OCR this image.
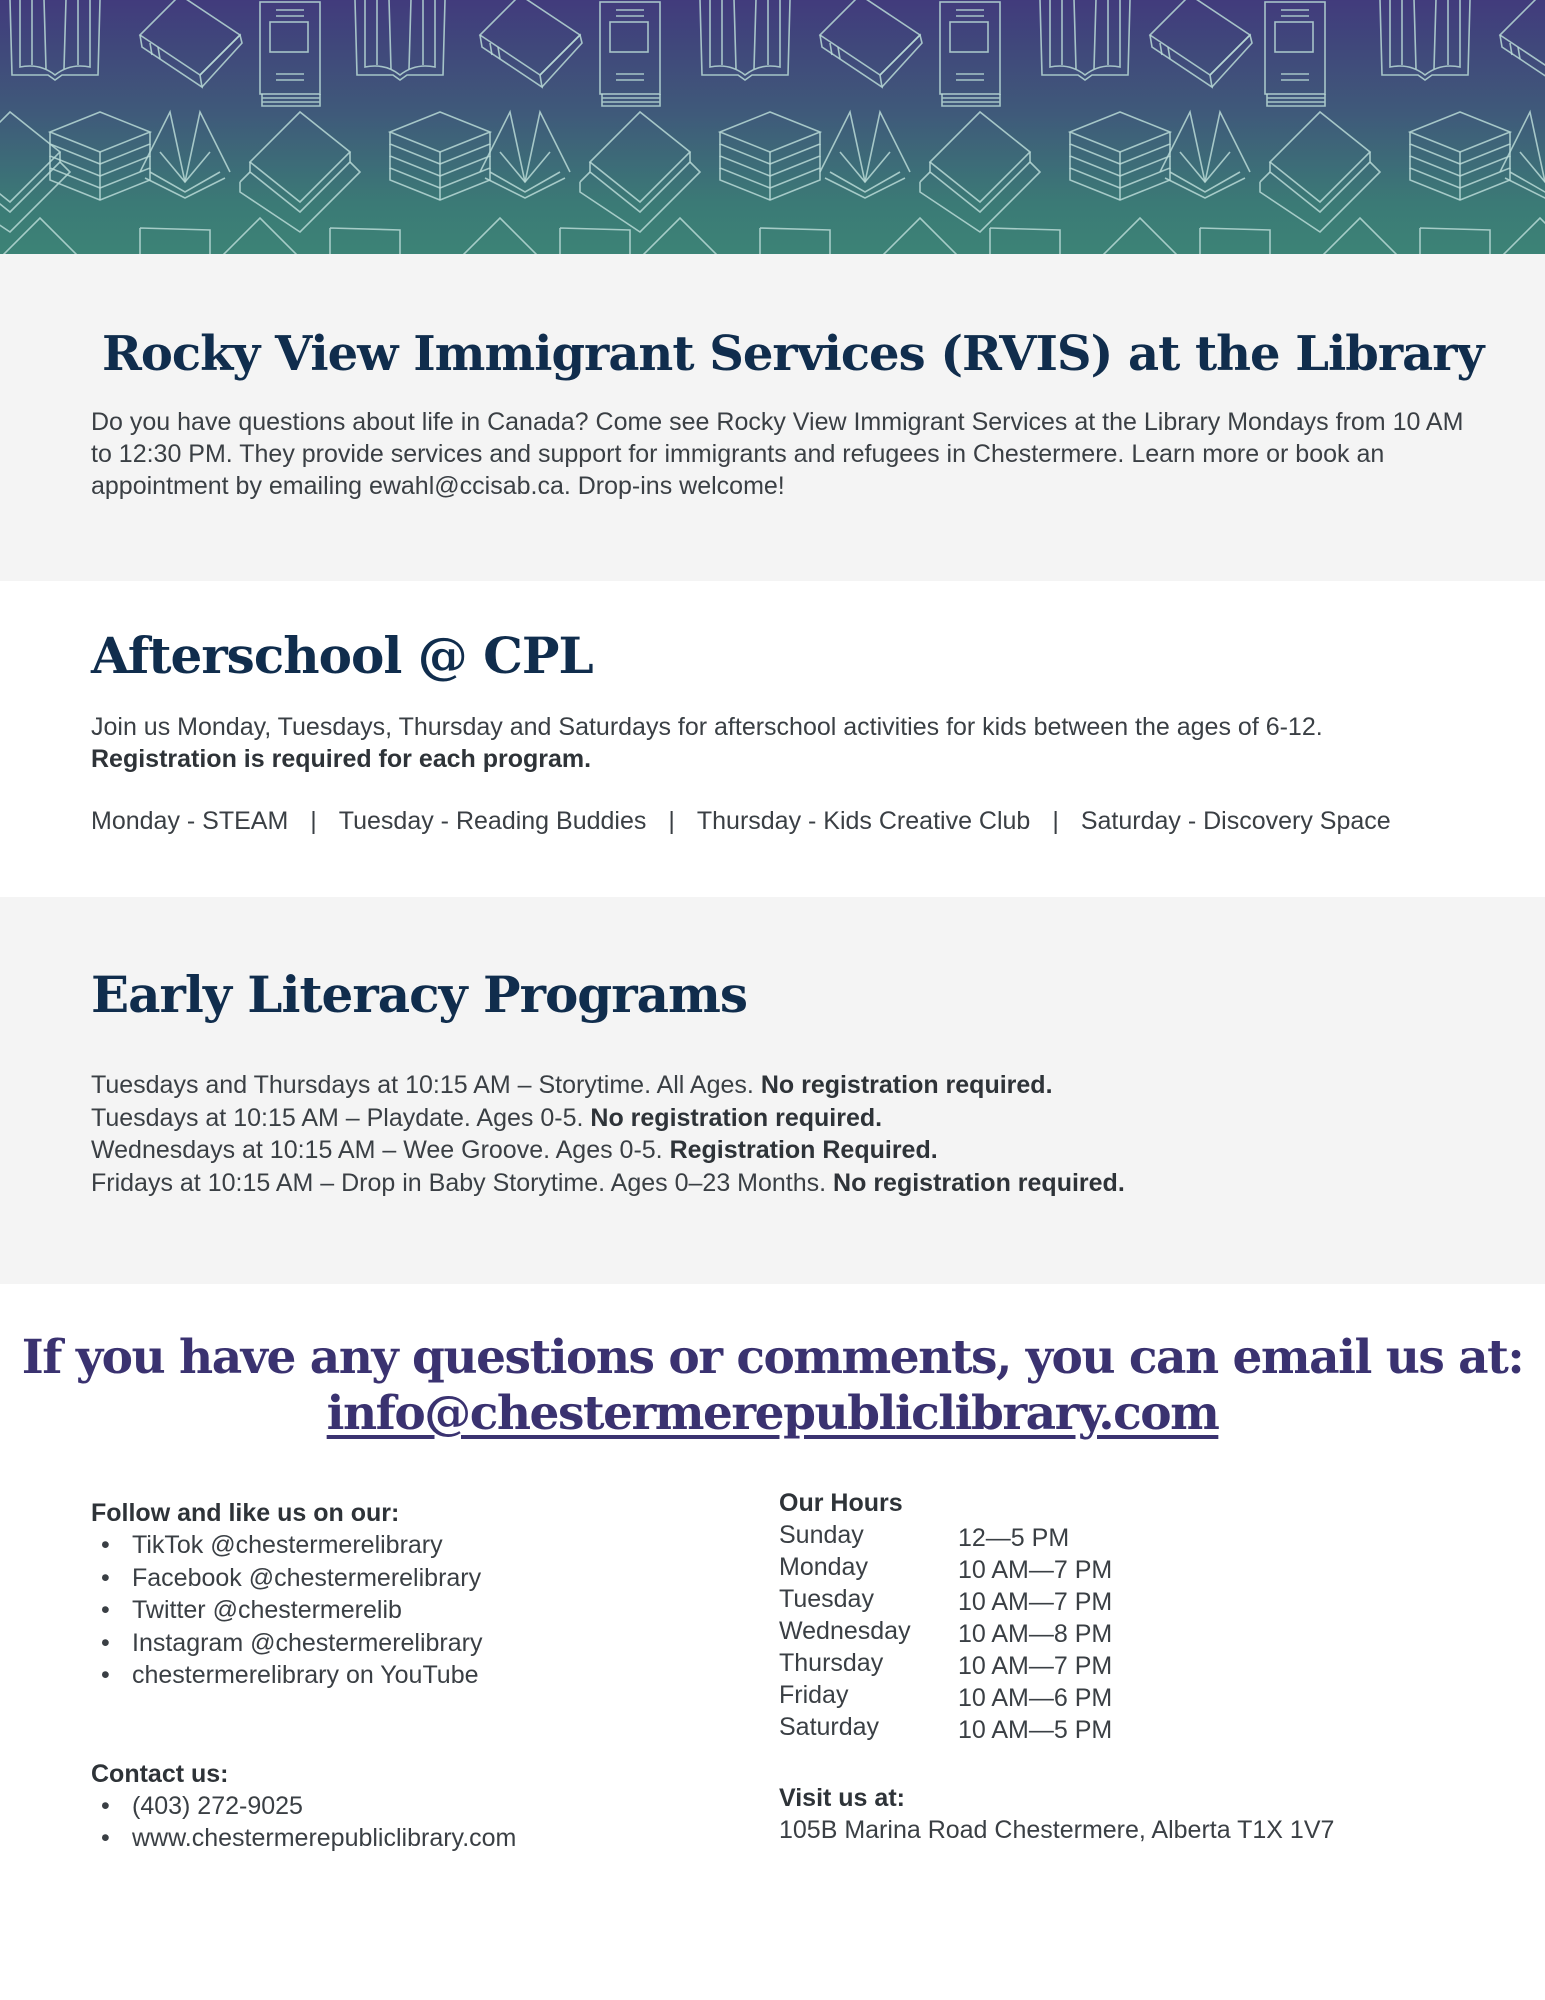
Rocky View Immigrant Services (RVIS) at the Library

Do you have questions about life in Canada? Come see Rocky View Immigrant Services at the Library Mondays from 10 AM to 12:30 PM. They provide services and support for immigrants and refugees in Chestermere. Learn more or book an appointment by emailing ewahl@ccisab.ca. Drop-ins welcome!

Afterschool @ CPL
Join us Monday, Tuesdays, Thursday and Saturdays for afterschool activities for kids between the ages of 6-12.
Registration is required for each program.
Monday - STEAM | Tuesday - Reading Buddies | Thursday - Kids Creative Club | Saturday - Discovery Space
Early Literacy Programs
Tuesdays and Thursdays at 10:15 AM – Storytime. All Ages. No registration required.
Tuesdays at 10:15 AM – Playdate. Ages 0-5. No registration required.
Wednesdays at 10:15 AM – Wee Groove. Ages 0-5. Registration Required.
Fridays at 10:15 AM – Drop in Baby Storytime. Ages 0–23 Months. No registration required.
If you have any questions or comments, you can email us at:
info@chestermerepubliclibrary.com
Follow and like us on our:
• TikTok @chestermerelibrary
• Facebook @chestermerelibrary
• Twitter @chestermerelib
• Instagram @chestermerelibrary
• chestermerelibrary on YouTube
Contact us:
• (403) 272-9025
• www.chestermerepubliclibrary.com
Our Hours
Sunday	12—5 PM
Monday	10 AM—7 PM
Tuesday	10 AM—7 PM
Wednesday	10 AM—8 PM
Thursday	10 AM—7 PM
Friday	10 AM—6 PM
Saturday	10 AM—5 PM
Visit us at:
105B Marina Road Chestermere, Alberta T1X 1V7
